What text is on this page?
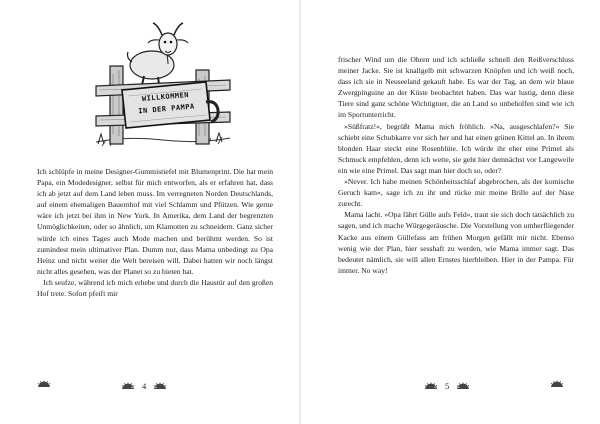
WILLKOMMEN
IN DER PAMPA

Ich schlüpfe in meine Designer-Gummistiefel mit Blumenprint. Die hat mein Papa, ein Modedesigner, selbst für mich entworfen, als er erfahren hat, dass ich ab jetzt auf dem Land leben muss. Im verregneten Norden Deutschlands, auf einem ehemaligen Bauernhof mit viel Schlamm und Pfützen. Wie gerne wäre ich jetzt bei ihm in New York. In Amerika, dem Land der begrenzten Unmöglichkeiten, oder so ähnlich, um Klamotten zu schneidern. Ganz sicher würde ich eines Tages auch Mode machen und berühmt werden. So ist zumindest mein ultimativer Plan. Dumm nur, dass Mama unbedingt zu Opa Heinz und nicht weiter die Welt bereisen will. Dabei hatten wir noch längst nicht alles gesehen, was der Planet so zu bieten hat.

Ich seufze, während ich mich erhebe und durch die Haustür auf den großen Hof trete. Sofort pfeift mir

4

frischer Wind um die Ohren und ich schließe schnell den Reißverschluss meiner Jacke. Sie ist knallgelb mit schwarzen Knöpfen und ich weiß noch, dass ich sie in Neuseeland gekauft habe. Es war der Tag, an dem wir blaue Zwergpinguine an der Küste beobachtet haben. Das war lustig, denn diese Tiere sind ganz schöne Wichtigtuer, die an Land so unbeholfen sind wie ich im Sportunterricht.

»Süßfratz!«, begrüßt Mama mich fröhlich. »Na, ausgeschlafen?« Sie schiebt eine Schubkarre vor sich her und hat einen grünen Kittel an. In ihrem blonden Haar steckt eine Rosenblüte. Ich würde ihr eher eine Primel als Schmuck empfehlen, denn ich wette, sie geht hier demnächst vor Langeweile ein wie eine Primel. Das sagt man hier doch so, oder?

»Never. Ich habe meinen Schönheitsschlaf abgebrochen, als der komische Geruch kam«, sage ich zu ihr und rücke mir meine Brille auf der Nase zurecht.

Mama lacht. »Opa fährt Gülle aufs Feld«, traut sie sich doch tatsächlich zu sagen, und ich mache Würgegeräusche. Die Vorstellung von umherfliegender Kacke aus einem Güllefass am frühen Morgen gefällt mir nicht. Ebenso wenig wie der Plan, hier sesshaft zu werden, wie Mama immer sagt. Das bedeutet nämlich, sie will allen Ernstes hierbleiben. Hier in der Pampa. Für immer. No way!

5
